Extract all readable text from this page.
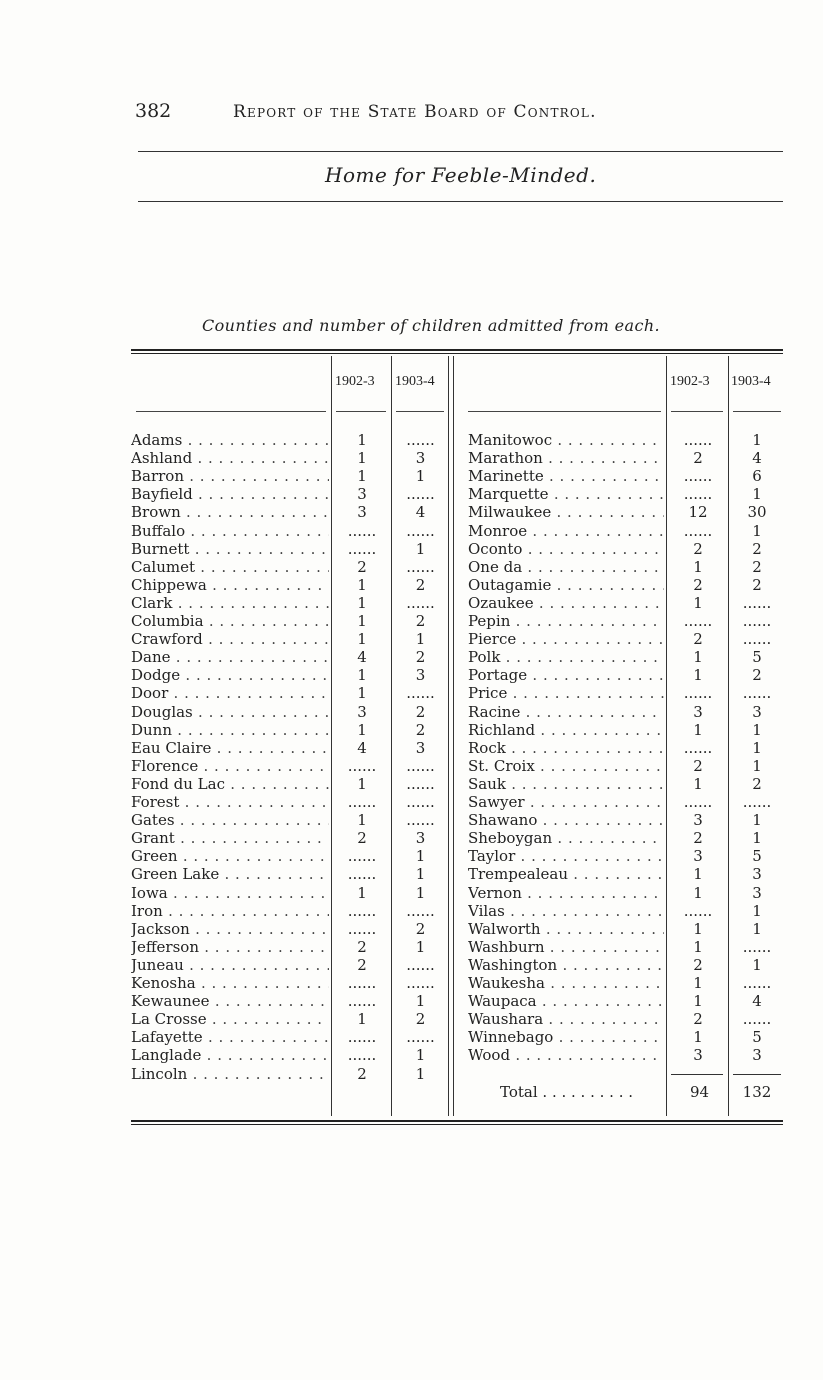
382	Report of the State Board of Control.
Home for Feeble-Minded.
Counties and number of children admitted from each.
1902-3 1903-4	1902-3 1903-4
Adams . . .	1	......
Ashland . . .	1	3
Barron . . .	1	1
Bayfield . . .	3	......
Brown . . .	3	4
Buffalo . . .	......	......
Burnett . . .	......	1
Calumet . . .	2	......
Chippewa . . .	1	2
Clark . . .	1	......
Columbia . . .	1	2
Crawford . . .	1	1
Dane . . .	4	2
Dodge . . .	1	3
Door . . .	1	......
Douglas . . .	3	2
Dunn . . .	1	2
Eau Claire . . .	4	3
Florence . . .	......	......
Fond du Lac . . .	1	......
Forest . . .	......	......
Gates . . .	1	......
Grant . . .	2	3
Green . . .	......	1
Green Lake . . .	......	1
Iowa . . .	1	1
Iron . . .	......	......
Jackson . . .	......	2
Jefferson . . .	2	1
Juneau . . .	2	......
Kenosha . . .	......	......
Kewaunee . . .	......	1
La Crosse . . .	1	2
Lafayette . . .	......	......
Langlade . . .	......	1
Lincoln . . .	2	1
Manitowoc . . .	......	1
Marathon . . .	2	4
Marinette . . .	......	6
Marquette . . .	......	1
Milwaukee . . .	12	30
Monroe . . .	......	1
Oconto . . .	2	2
One da . . .	1	2
Outagamie . . .	2	2
Ozaukee . . .	1	......
Pepin . . .	......	......
Pierce . . .	2	......
Polk . . .	1	5
Portage . . .	1	2
Price . . .	......	......
Racine . . .	3	3
Richland . . .	1	1
Rock . . .	......	1
St. Croix . . .	2	1
Sauk . . .	1	2
Sawyer . . .	......	......
Shawano . . .	3	1
Sheboygan . . .	2	1
Taylor . . .	3	5
Trempealeau . . .	1	3
Vernon . . .	1	3
Vilas . . .	......	1
Walworth . . .	1	1
Washburn . . .	1	......
Washington . . .	2	1
Waukesha . . .	1	......
Waupaca . . .	1	4
Waushara . . .	2	......
Winnebago . . .	1	5
Wood . . .	3	3
Total . . .	94	132
